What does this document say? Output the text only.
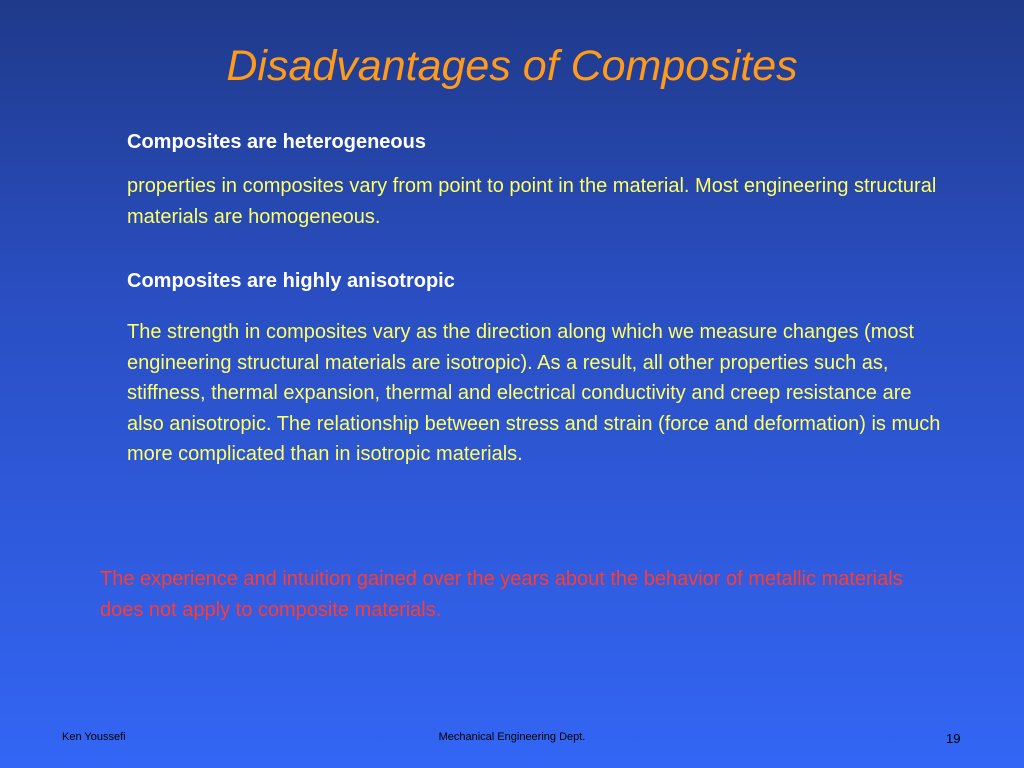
Disadvantages of Composites
Composites are heterogeneous
properties in composites vary from point to point in the material. Most engineering structural materials are homogeneous.
Composites are highly anisotropic
The strength in composites vary as the direction along which we measure changes (most engineering structural materials are isotropic). As a result, all other properties such as, stiffness, thermal expansion, thermal and electrical conductivity and creep resistance are also anisotropic. The relationship between stress and strain (force and deformation) is much more complicated than in isotropic materials.
The experience and intuition gained over the years about the behavior of metallic materials does not apply to composite materials.
Ken Youssefi	Mechanical Engineering Dept.	19
